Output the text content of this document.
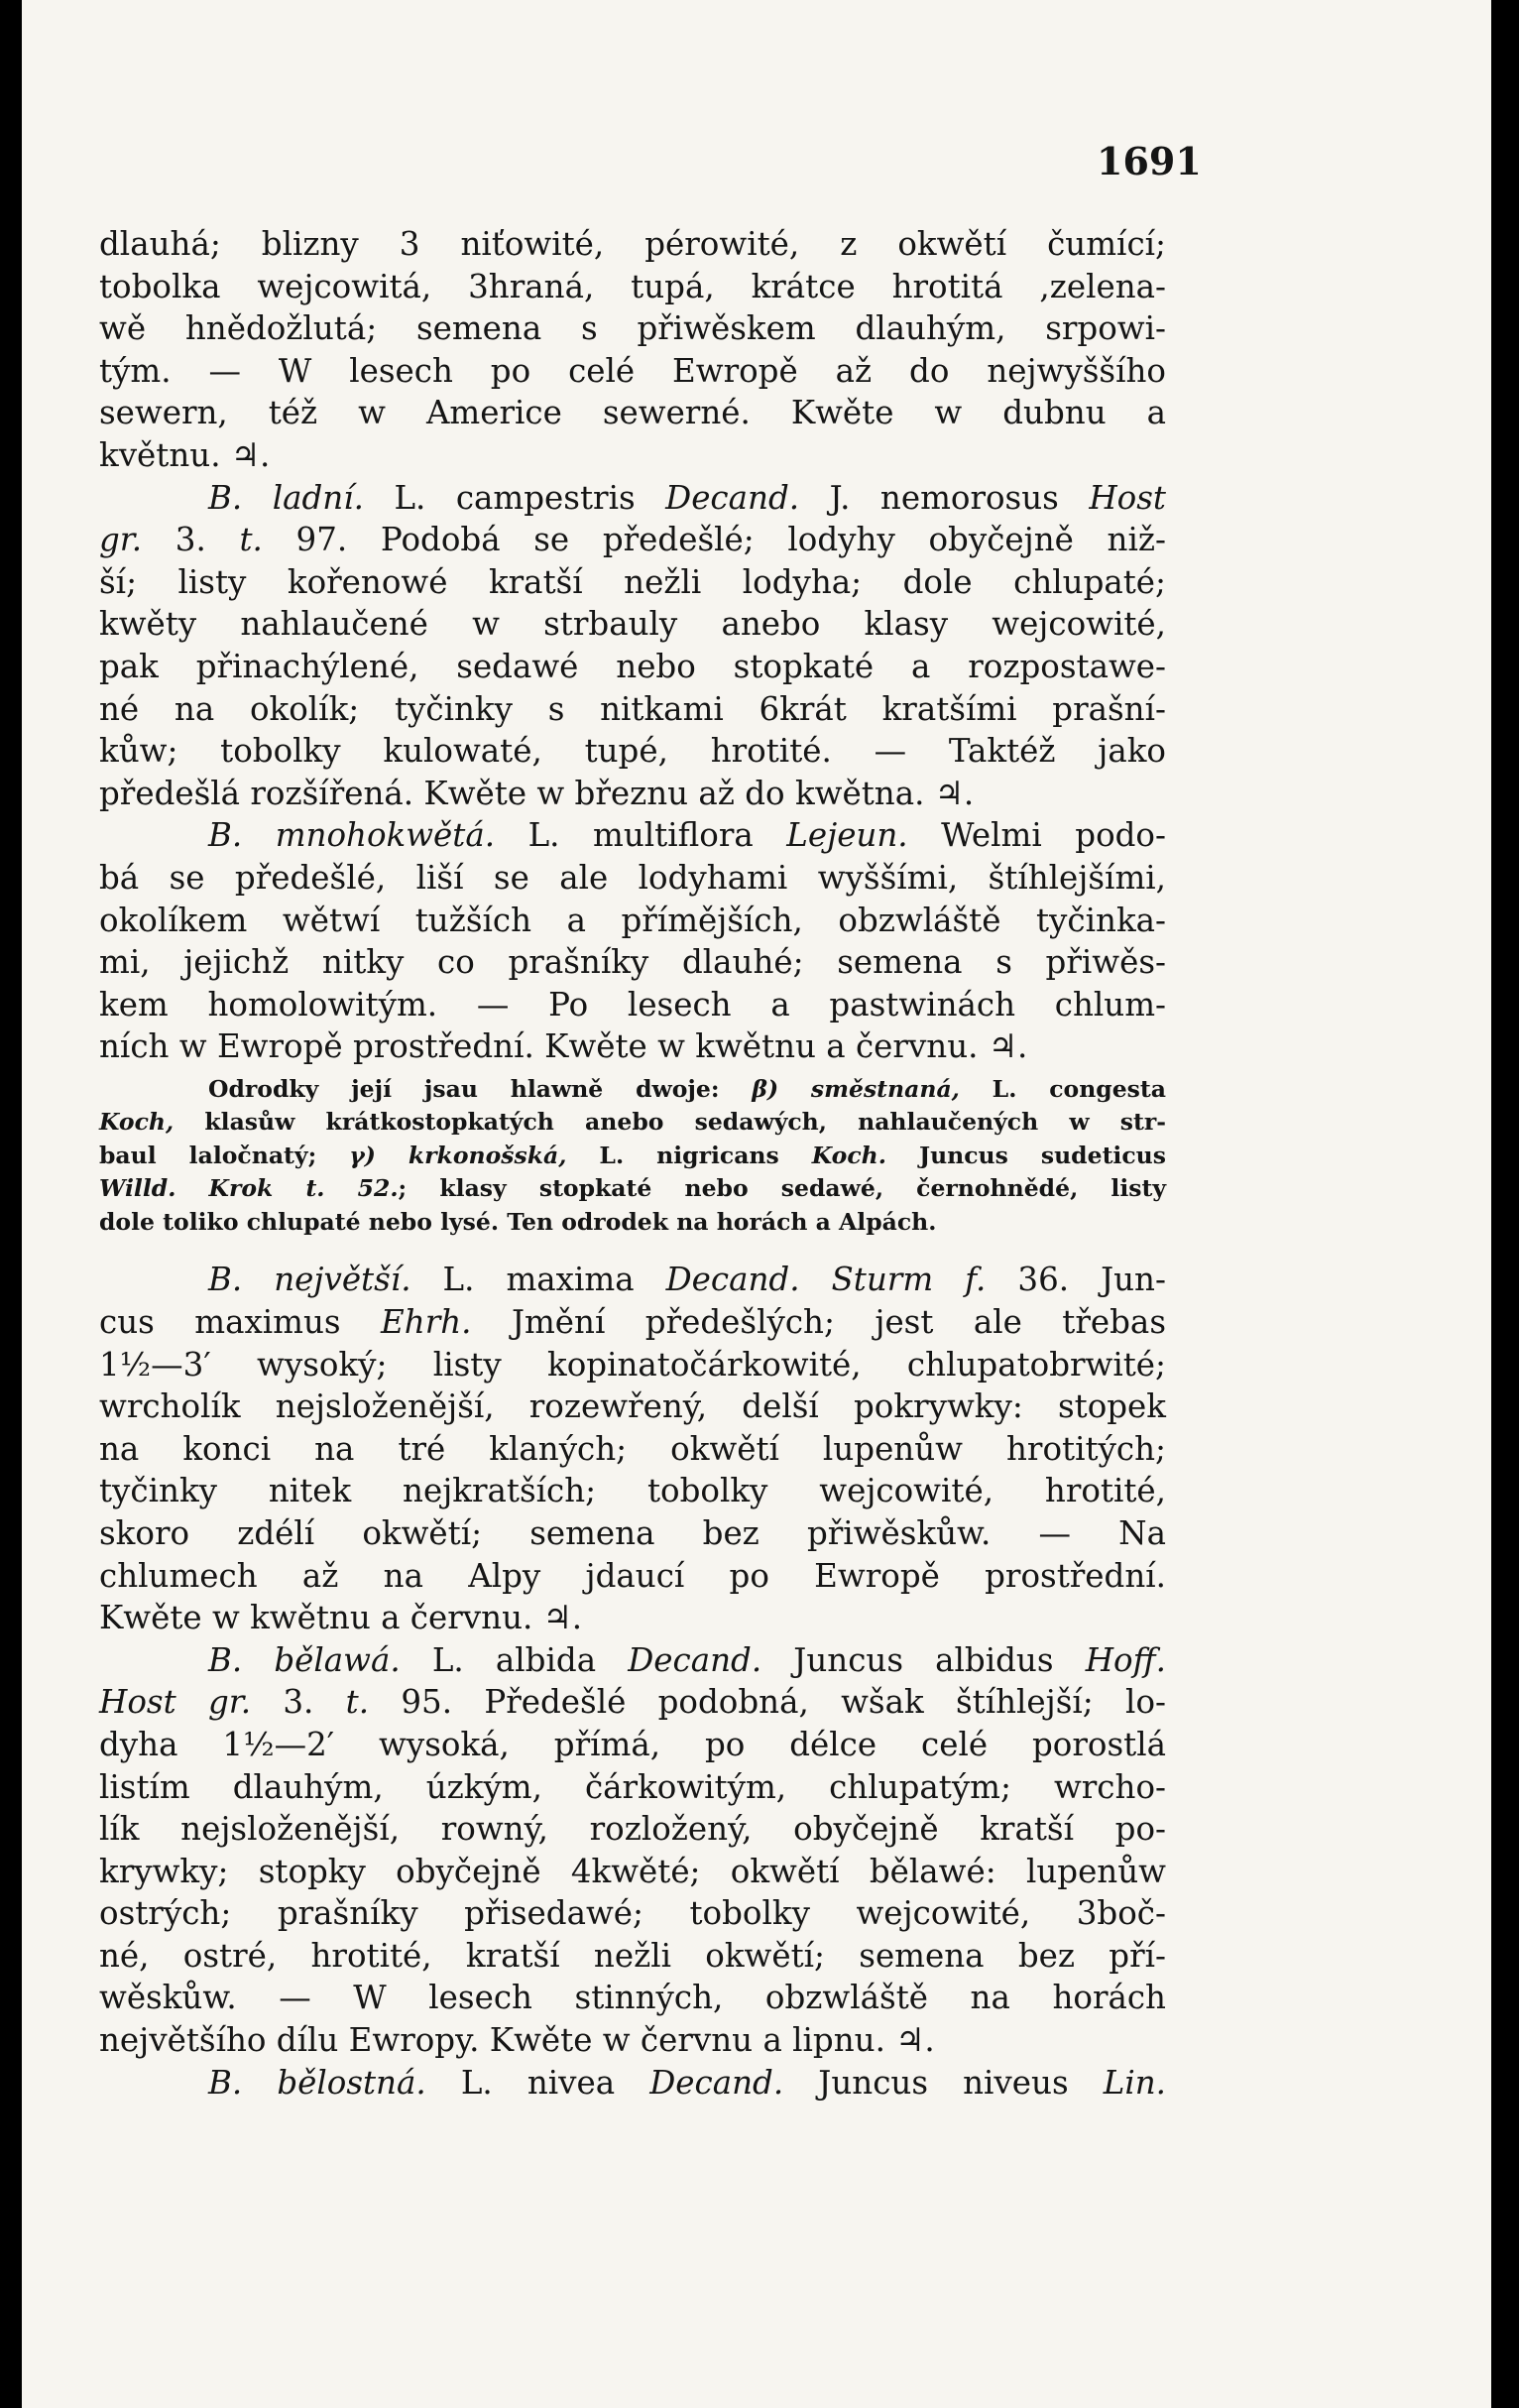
1691

dlauhá; blizny 3 niťowité, pérowité, z okwětí čumící;

tobolka wejcowitá, 3hraná, tupá, krátce hrotitá ,zelena-

wě hnědožlutá; semena s přiwěskem dlauhým, srpowi-

tým. — W lesech po celé Ewropě až do nejwyššího

sewern, též w Americe sewerné. Kwěte w dubnu a

květnu. ♃.

B. ladní. L. campestris Decand. J. nemorosus Host

gr. 3. t. 97. Podobá se předešlé; lodyhy obyčejně niž-

ší; listy kořenowé kratší nežli lodyha; dole chlupaté;

kwěty nahlaučené w strbauly anebo klasy wejcowité,

pak přinachýlené, sedawé nebo stopkaté a rozpostawe-

né na okolík; tyčinky s nitkami 6krát kratšími prašní-

kůw; tobolky kulowaté, tupé, hrotité. — Taktéž jako

předešlá rozšířená. Kwěte w březnu až do kwětna. ♃.

B. mnohokwětá. L. multiflora Lejeun. Welmi podo-

bá se předešlé, liší se ale lodyhami wyššími, štíhlejšími,

okolíkem wětwí tužších a přímějších, obzwláště tyčinka-

mi, jejichž nitky co prašníky dlauhé; semena s přiwěs-

kem homolowitým. — Po lesech a pastwinách chlum-

ních w Ewropě prostřední. Kwěte w kwětnu a červnu. ♃.

Odrodky její jsau hlawně dwoje: β) směstnaná, L. congesta

Koch, klasůw krátkostopkatých anebo sedawých, nahlaučených w str-

baul laločnatý; γ) krkonošská, L. nigricans Koch. Juncus sudeticus

Willd. Krok t. 52.; klasy stopkaté nebo sedawé, černohnědé, listy

dole toliko chlupaté nebo lysé. Ten odrodek na horách a Alpách.

B. největší. L. maxima Decand. Sturm f. 36. Jun-

cus maximus Ehrh. Jmění předešlých; jest ale třebas

1½—3′ wysoký; listy kopinatočárkowité, chlupatobrwité;

wrcholík nejsloženější, rozewřený, delší pokrywky: stopek

na konci na tré klaných; okwětí lupenůw hrotitých;

tyčinky nitek nejkratších; tobolky wejcowité, hrotité,

skoro zdélí okwětí; semena bez přiwěskůw. — Na

chlumech až na Alpy jdaucí po Ewropě prostřední.

Kwěte w kwětnu a červnu. ♃.

B. bělawá. L. albida Decand. Juncus albidus Hoff.

Host gr. 3. t. 95. Předešlé podobná, wšak štíhlejší; lo-

dyha 1½—2′ wysoká, přímá, po délce celé porostlá

listím dlauhým, úzkým, čárkowitým, chlupatým; wrcho-

lík nejsloženější, rowný, rozložený, obyčejně kratší po-

krywky; stopky obyčejně 4kwěté; okwětí bělawé: lupenůw

ostrých; prašníky přisedawé; tobolky wejcowité, 3boč-

né, ostré, hrotité, kratší nežli okwětí; semena bez pří-

wěskůw. — W lesech stinných, obzwláště na horách

největšího dílu Ewropy. Kwěte w červnu a lipnu. ♃.

B. bělostná. L. nivea Decand. Juncus niveus Lin.
